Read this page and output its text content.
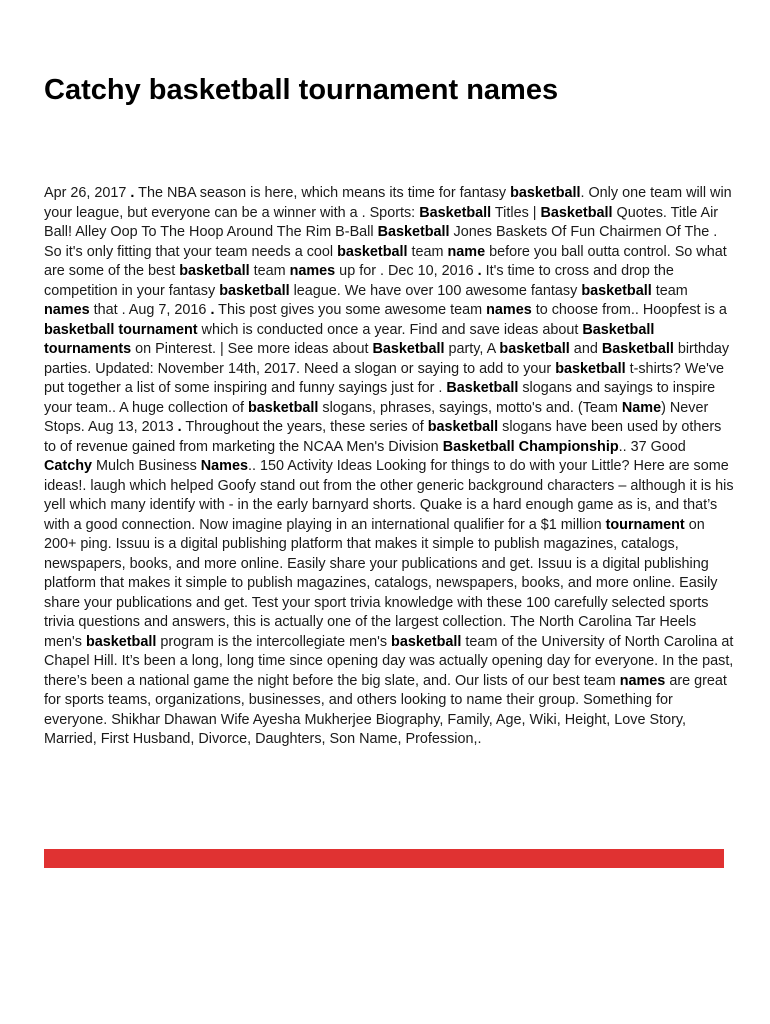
Catchy basketball tournament names

Apr 26, 2017 . The NBA season is here, which means its time for fantasy basketball. Only one team will win your league, but everyone can be a winner with a . Sports: Basketball Titles | Basketball Quotes. Title Air Ball! Alley Oop To The Hoop Around The Rim B-Ball Basketball Jones Baskets Of Fun Chairmen Of The . So it's only fitting that your team needs a cool basketball team name before you ball outta control. So what are some of the best basketball team names up for . Dec 10, 2016 . It's time to cross and drop the competition in your fantasy basketball league. We have over 100 awesome fantasy basketball team names that . Aug 7, 2016 . This post gives you some awesome team names to choose from.. Hoopfest is a basketball tournament which is conducted once a year. Find and save ideas about Basketball tournaments on Pinterest. | See more ideas about Basketball party, A basketball and Basketball birthday parties. Updated: November 14th, 2017. Need a slogan or saying to add to your basketball t-shirts? We've put together a list of some inspiring and funny sayings just for . Basketball slogans and sayings to inspire your team.. A huge collection of basketball slogans, phrases, sayings, motto's and. (Team Name) Never Stops. Aug 13, 2013 . Throughout the years, these series of basketball slogans have been used by others to of revenue gained from marketing the NCAA Men's Division Basketball Championship.. 37 Good Catchy Mulch Business Names.. 150 Activity Ideas Looking for things to do with your Little? Here are some ideas!. laugh which helped Goofy stand out from the other generic background characters – although it is his yell which many identify with - in the early barnyard shorts. Quake is a hard enough game as is, and that’s with a good connection. Now imagine playing in an international qualifier for a $1 million tournament on 200+ ping. Issuu is a digital publishing platform that makes it simple to publish magazines, catalogs, newspapers, books, and more online. Easily share your publications and get. Issuu is a digital publishing platform that makes it simple to publish magazines, catalogs, newspapers, books, and more online. Easily share your publications and get. Test your sport trivia knowledge with these 100 carefully selected sports trivia questions and answers, this is actually one of the largest collection. The North Carolina Tar Heels men's basketball program is the intercollegiate men's basketball team of the University of North Carolina at Chapel Hill. It’s been a long, long time since opening day was actually opening day for everyone. In the past, there’s been a national game the night before the big slate, and. Our lists of our best team names are great for sports teams, organizations, businesses, and others looking to name their group. Something for everyone. Shikhar Dhawan Wife Ayesha Mukherjee Biography, Family, Age, Wiki, Height, Love Story, Married, First Husband, Divorce, Daughters, Son Name, Profession,.
